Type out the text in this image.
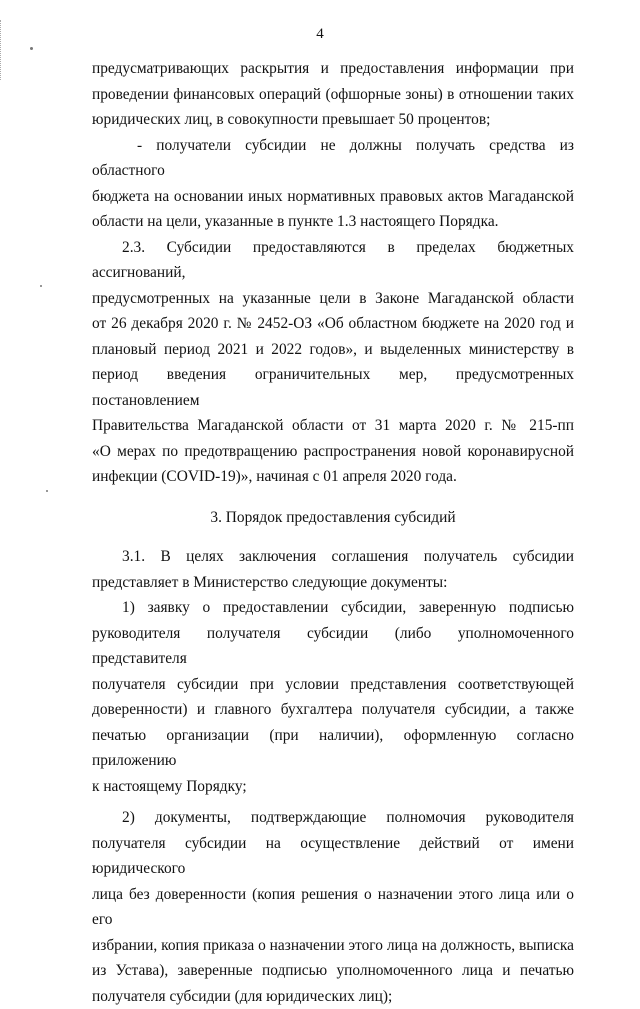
4

предусматривающих раскрытия и предоставления информации при

проведении финансовых операций (офшорные зоны) в отношении таких

юридических лиц, в совокупности превышает 50 процентов;

- получатели субсидии не должны получать средства из областного

бюджета на основании иных нормативных правовых актов Магаданской

области на цели, указанные в пункте 1.3 настоящего Порядка.

2.3. Субсидии предоставляются в пределах бюджетных ассигнований,

предусмотренных на указанные цели в Законе Магаданской области

от 26 декабря 2020 г. № 2452-ОЗ «Об областном бюджете на 2020 год и

плановый период 2021 и 2022 годов», и выделенных министерству в

период введения ограничительных мер, предусмотренных постановлением

Правительства Магаданской области от 31 марта 2020 г. № 215-пп

«О мерах по предотвращению распространения новой коронавирусной

инфекции (COVID-19)», начиная с 01 апреля 2020 года.

3. Порядок предоставления субсидий

3.1. В целях заключения соглашения получатель субсидии

представляет в Министерство следующие документы:

1) заявку о предоставлении субсидии, заверенную подписью

руководителя получателя субсидии (либо уполномоченного представителя

получателя субсидии при условии представления соответствующей

доверенности) и главного бухгалтера получателя субсидии, а также

печатью организации (при наличии), оформленную согласно приложению

к настоящему Порядку;

2) документы, подтверждающие полномочия руководителя

получателя субсидии на осуществление действий от имени юридического

лица без доверенности (копия решения о назначении этого лица или о его

избрании, копия приказа о назначении этого лица на должность, выписка

из Устава), заверенные подписью уполномоченного лица и печатью

получателя субсидии (для юридических лиц);
